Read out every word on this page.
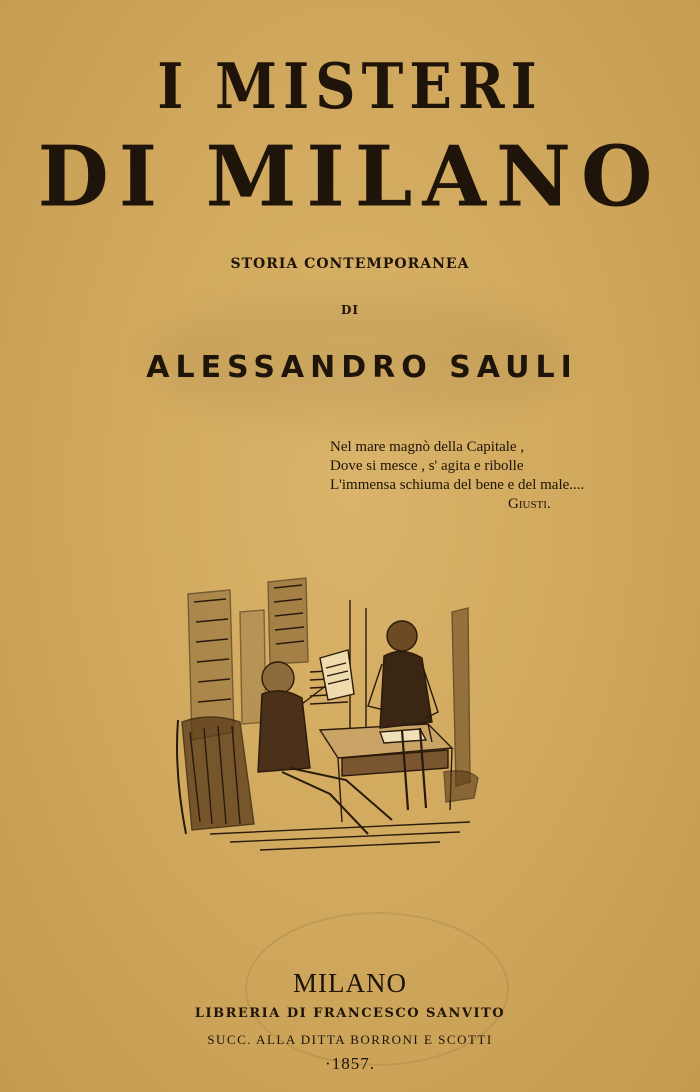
I MISTERI
DI MILANO
STORIA CONTEMPORANEA
DI
ALESSANDRO SAULI
Nel mare magnò della Capitale ,
Dove si mesce , s' agita e ribolle
L'immensa schiuma del bene e del male....
Giusti.
MILANO
LIBRERIA DI FRANCESCO SANVITO
SUCC. ALLA DITTA BORRONI E SCOTTI
·1857.
